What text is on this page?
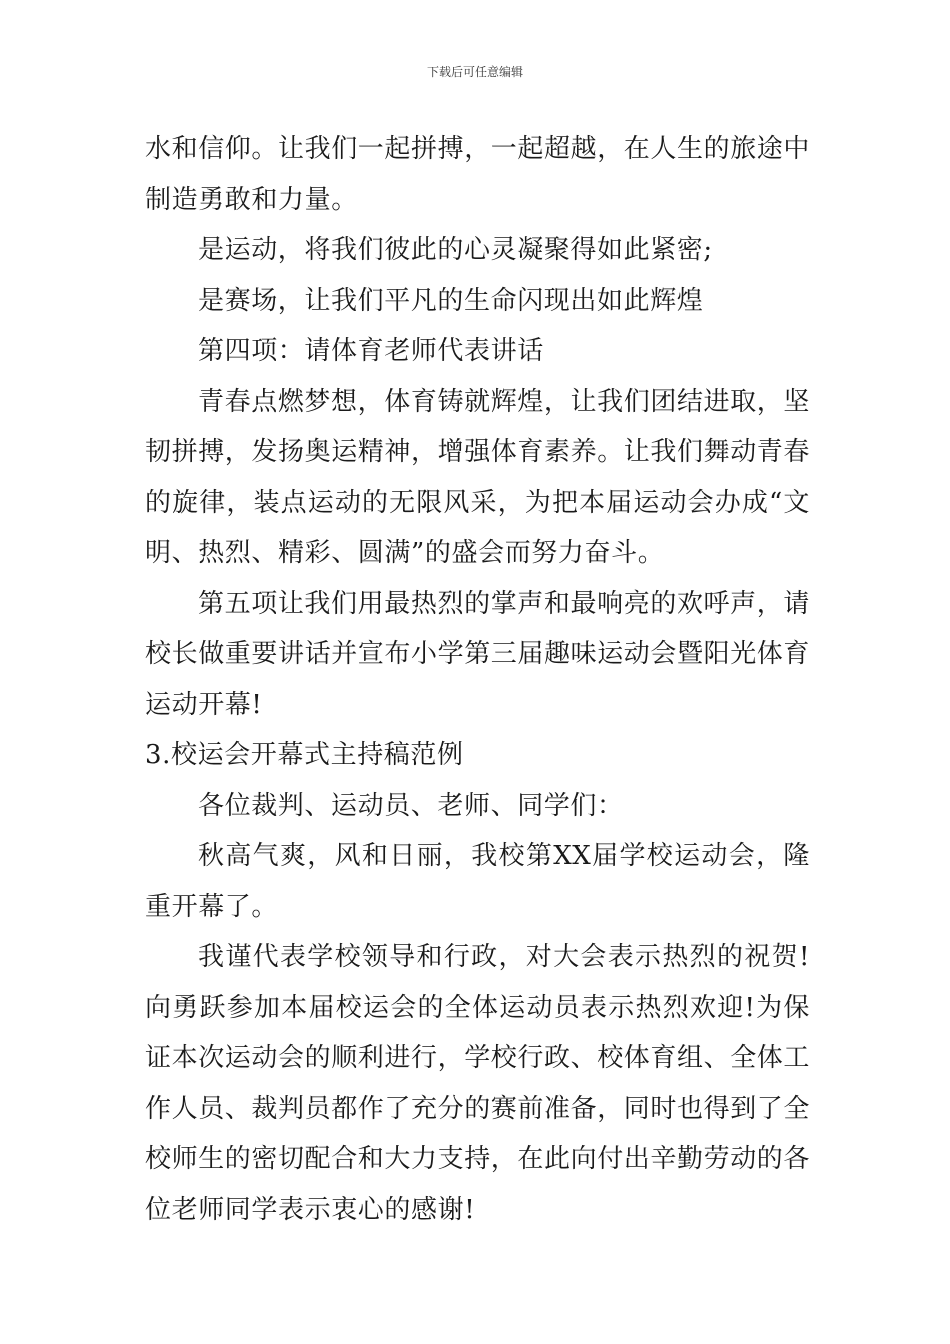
下载后可任意编辑

水和信仰。让我们一起拼搏，一起超越，在人生的旅途中制造勇敢和力量。

是运动，将我们彼此的心灵凝聚得如此紧密;

是赛场，让我们平凡的生命闪现出如此辉煌

第四项：请体育老师代表讲话

青春点燃梦想，体育铸就辉煌，让我们团结进取，坚韧拼搏，发扬奥运精神，增强体育素养。让我们舞动青春的旋律，装点运动的无限风采，为把本届运动会办成“文明、热烈、精彩、圆满”的盛会而努力奋斗。

第五项让我们用最热烈的掌声和最响亮的欢呼声，请校长做重要讲话并宣布小学第三届趣味运动会暨阳光体育运动开幕!

3.校运会开幕式主持稿范例

各位裁判、运动员、老师、同学们：

秋高气爽，风和日丽，我校第XX届学校运动会，隆重开幕了。

我谨代表学校领导和行政，对大会表示热烈的祝贺!向勇跃参加本届校运会的全体运动员表示热烈欢迎!为保证本次运动会的顺利进行，学校行政、校体育组、全体工作人员、裁判员都作了充分的赛前准备，同时也得到了全校师生的密切配合和大力支持，在此向付出辛勤劳动的各位老师同学表示衷心的感谢!
